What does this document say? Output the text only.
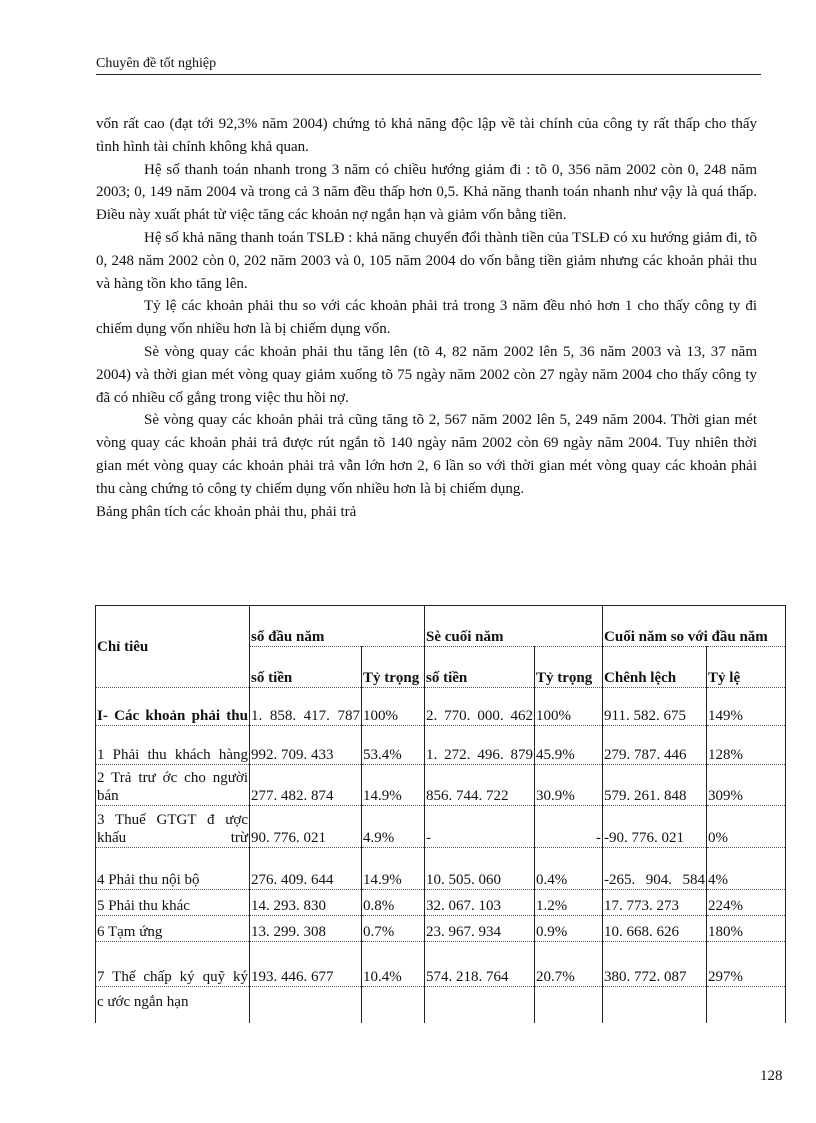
Chuyên đề tốt nghiệp

vốn rất cao (đạt tới 92,3% năm 2004) chứng tỏ khả năng độc lập về tài chính của công ty rất thấp cho thấy tình hình tài chính không khả quan.

Hệ số thanh toán nhanh trong 3 năm có chiều hướng giảm đi : tõ 0, 356 năm 2002 còn 0, 248 năm 2003; 0, 149 năm 2004 và trong cả 3 năm đều thấp hơn 0,5. Khả năng thanh toán nhanh như vậy là quá thấp. Điều này xuất phát từ việc tăng các khoản nợ ngắn hạn và giảm vốn bằng tiền.

Hệ số khả năng thanh toán TSLĐ : khả năng chuyển đổi thành tiền của TSLĐ có xu hướng giảm đi, tõ 0, 248 năm 2002 còn 0, 202 năm 2003 và 0, 105 năm 2004 do vốn bằng tiền giảm nhưng các khoản phải thu và hàng tồn kho tăng lên.

Tỷ lệ các khoản phải thu so với các khoản phải trả trong 3 năm đều nhỏ hơn 1 cho thấy công ty đi chiếm dụng vốn nhiều hơn là bị chiếm dụng vốn.

Sè vòng quay các khoản phải thu tăng lên (tõ 4, 82 năm 2002 lên 5, 36 năm 2003 và 13, 37 năm 2004) và thời gian mét vòng quay giảm xuống tõ 75 ngày năm 2002 còn 27 ngày năm 2004 cho thấy công ty đã có nhiều cố gắng trong việc thu hồi nợ.

Sè vòng quay các khoản phải trả cũng tăng tõ 2, 567 năm 2002 lên 5, 249 năm 2004. Thời gian mét vòng quay các khoản phải trả được rút ngắn tõ 140 ngày năm 2002 còn 69 ngày năm 2004. Tuy nhiên thời gian mét vòng quay các khoản phải trả vẫn lớn hơn 2, 6 lần so với thời gian mét vòng quay các khoản phải thu càng chứng tỏ công ty chiếm dụng vốn nhiều hơn là bị chiếm dụng.

Bảng phân tích các khoản phải thu, phải trả

Chỉ tiêu	số đầu năm		Sè cuối năm		Cuối năm so với đầu năm	
	số tiền	Tỷ trọng	số tiền	Tỷ trọng	Chênh lệch	Tỷ lệ
I- Các khoản phải thu	1. 858. 417. 787	100%	2. 770. 000. 462	100%	911. 582. 675	149%
1 Phải thu khách hàng	992. 709. 433	53.4%	1. 272. 496. 879	45.9%	279. 787. 446	128%
2 Trả trư ớc cho người bán	277. 482. 874	14.9%	856. 744. 722	30.9%	579. 261. 848	309%
3 Thuế GTGT đ ược khấu trừ	90. 776. 021	4.9%	-	-	-90. 776. 021	0%
4 Phải thu nội bộ	276. 409. 644	14.9%	10. 505. 060	0.4%	-265. 904. 584	4%
5 Phải thu khác	14. 293. 830	0.8%	32. 067. 103	1.2%	17. 773. 273	224%
6 Tạm ứng	13. 299. 308	0.7%	23. 967. 934	0.9%	10. 668. 626	180%
7 Thế chấp ký quỹ ký	193. 446. 677	10.4%	574. 218. 764	20.7%	380. 772. 087	297%
c ước ngắn hạn						
128
